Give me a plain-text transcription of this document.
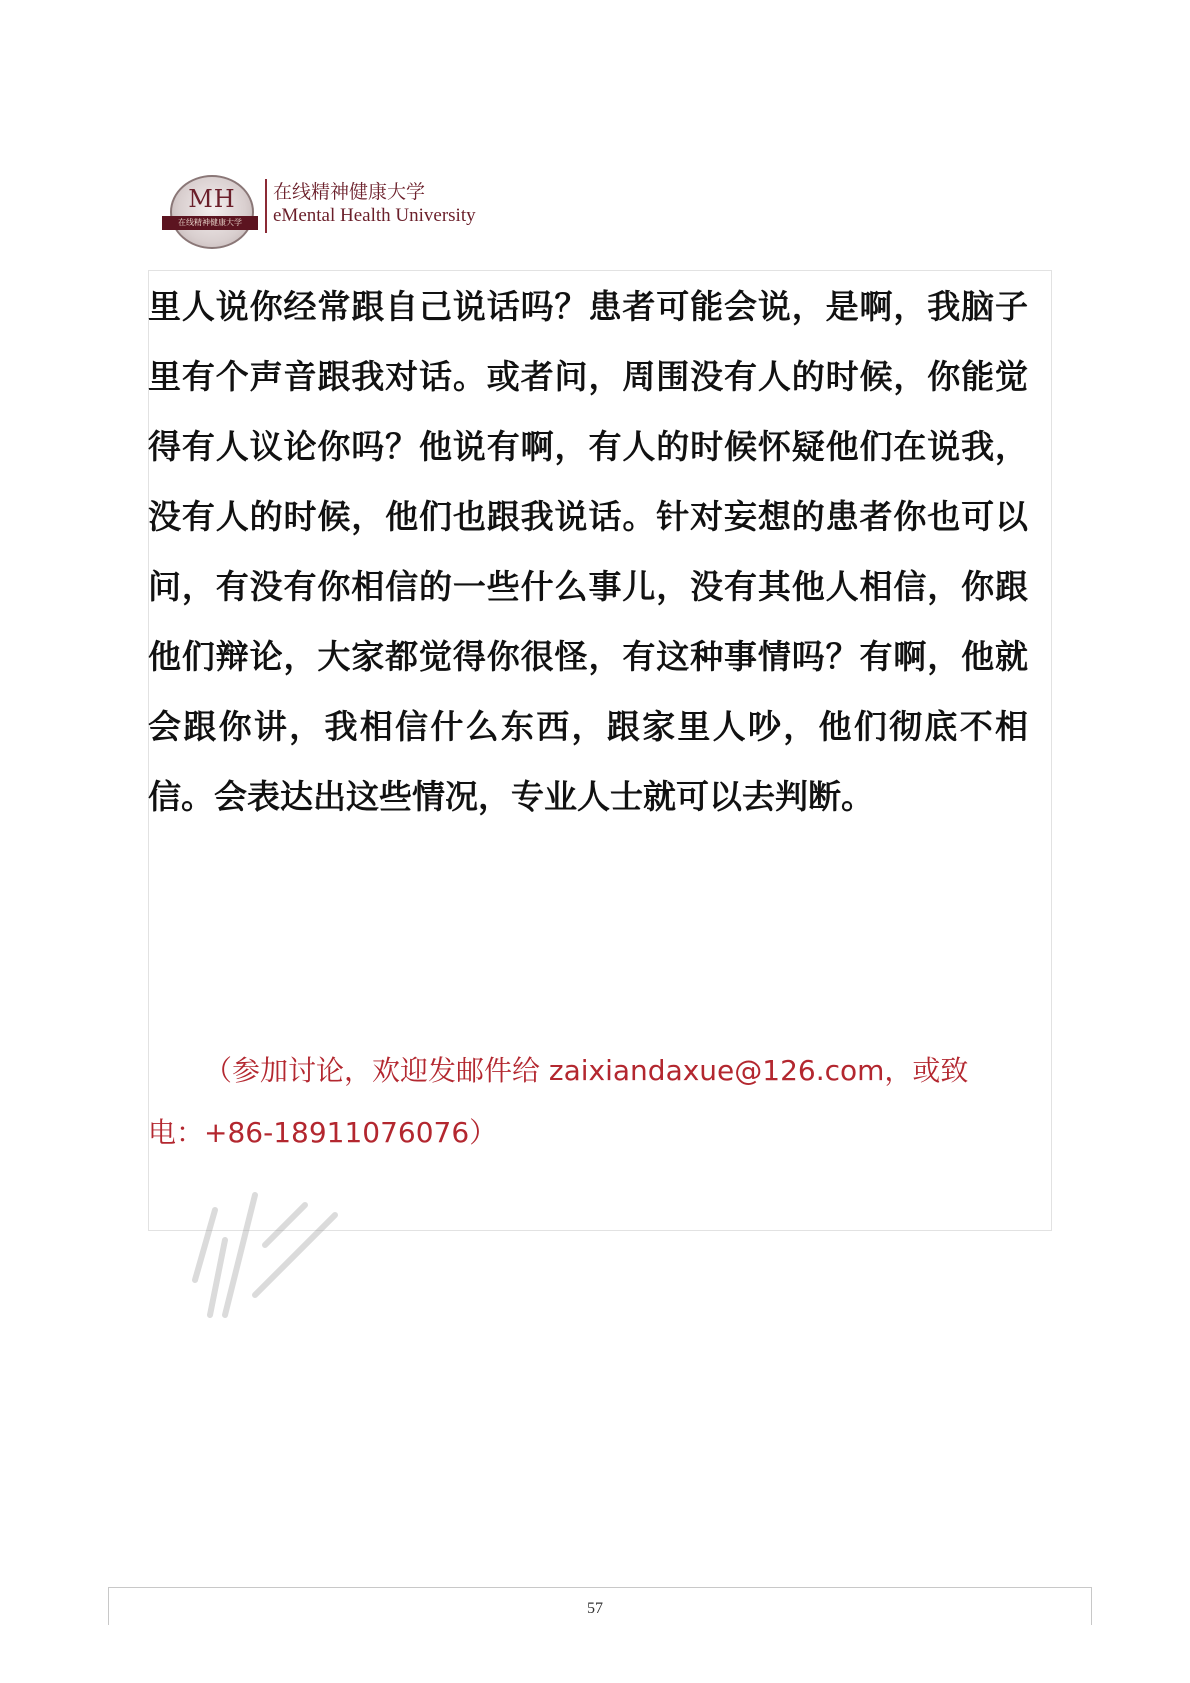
MH
在线精神健康大学
在线精神健康大学
eMental Health University
里人说你经常跟自己说话吗？患者可能会说，是啊，我脑子里有个声音跟我对话。或者问，周围没有人的时候，你能觉得有人议论你吗？他说有啊，有人的时候怀疑他们在说我，没有人的时候，他们也跟我说话。针对妄想的患者你也可以问，有没有你相信的一些什么事儿，没有其他人相信，你跟他们辩论，大家都觉得你很怪，有这种事情吗？有啊，他就会跟你讲，我相信什么东西，跟家里人吵，他们彻底不相信。会表达出这些情况，专业人士就可以去判断。
（参加讨论，欢迎发邮件给 zaixiandaxue@126.com，或致电：+86-18911076076）
57
